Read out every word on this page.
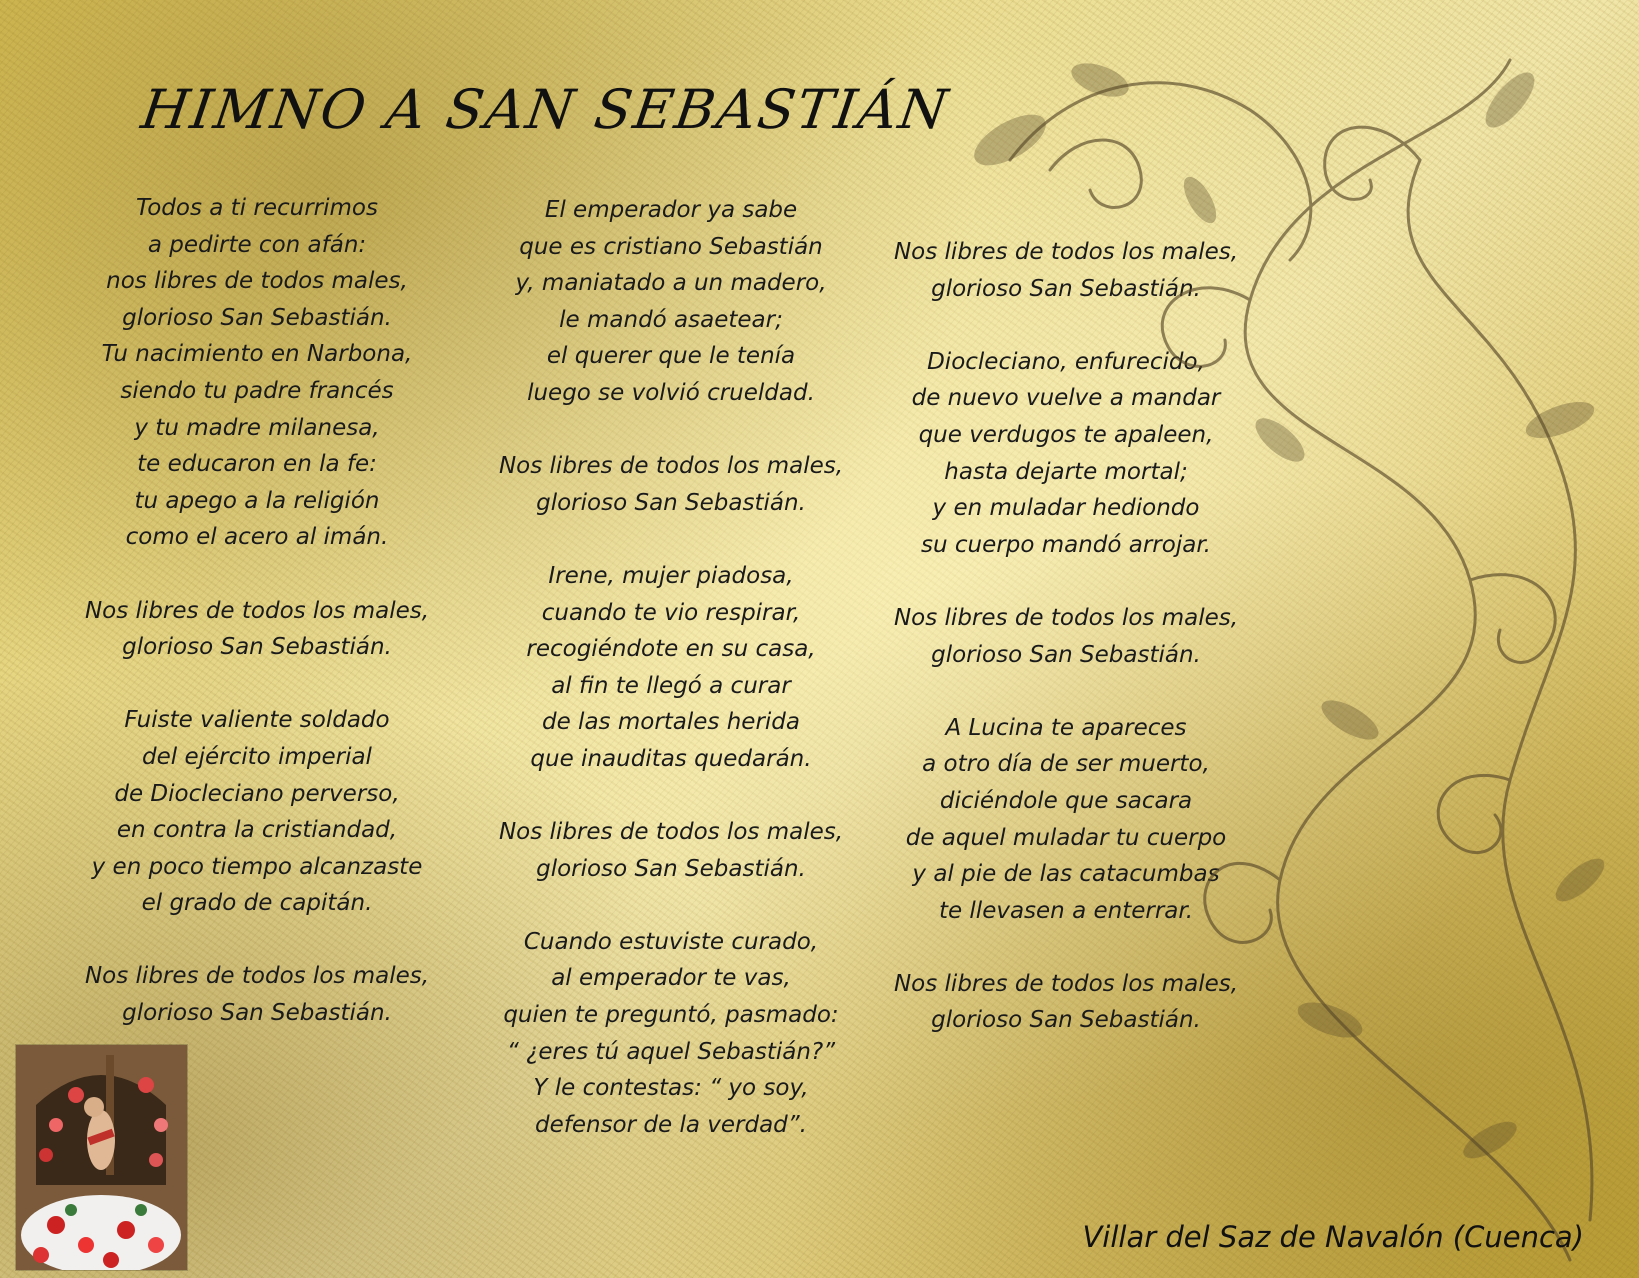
HIMNO A SAN SEBASTIÁN
Todos a ti recurrimos
a pedirte con afán:
nos libres de todos males,
glorioso San Sebastián.
Tu nacimiento en Narbona,
siendo tu padre francés
y tu madre milanesa,
te educaron en la fe:
tu apego a la religión
como el acero al imán.
Nos libres de todos los males,
glorioso San Sebastián.
Fuiste valiente soldado
del ejército imperial
de Diocleciano perverso,
en contra la cristiandad,
y en poco tiempo alcanzaste
el grado de capitán.
Nos libres de todos los males,
glorioso San Sebastián.
El emperador ya sabe
que es cristiano Sebastián
y, maniatado a un madero,
le mandó asaetear;
el querer que le tenía
luego se volvió crueldad.
Nos libres de todos los males,
glorioso San Sebastián.
Irene, mujer piadosa,
cuando te vio respirar,
recogiéndote en su casa,
al fin te llegó a curar
de las mortales herida
que inauditas quedarán.
Nos libres de todos los males,
glorioso San Sebastián.
Cuando estuviste curado,
al emperador te vas,
quien te preguntó, pasmado:
“ ¿eres tú aquel Sebastián?”
Y le contestas: “ yo soy,
defensor de la verdad”.
Nos libres de todos los males,
glorioso San Sebastián.
Diocleciano, enfurecido,
de nuevo vuelve a mandar
que verdugos te apaleen,
hasta dejarte mortal;
y en muladar hediondo
su cuerpo mandó arrojar.
Nos libres de todos los males,
glorioso San Sebastián.
A Lucina te apareces
a otro día de ser muerto,
diciéndole que sacara
de aquel muladar tu cuerpo
y al pie de las catacumbas
te llevasen a enterrar.
Nos libres de todos los males,
glorioso San Sebastián.
Villar del Saz de Navalón (Cuenca)
